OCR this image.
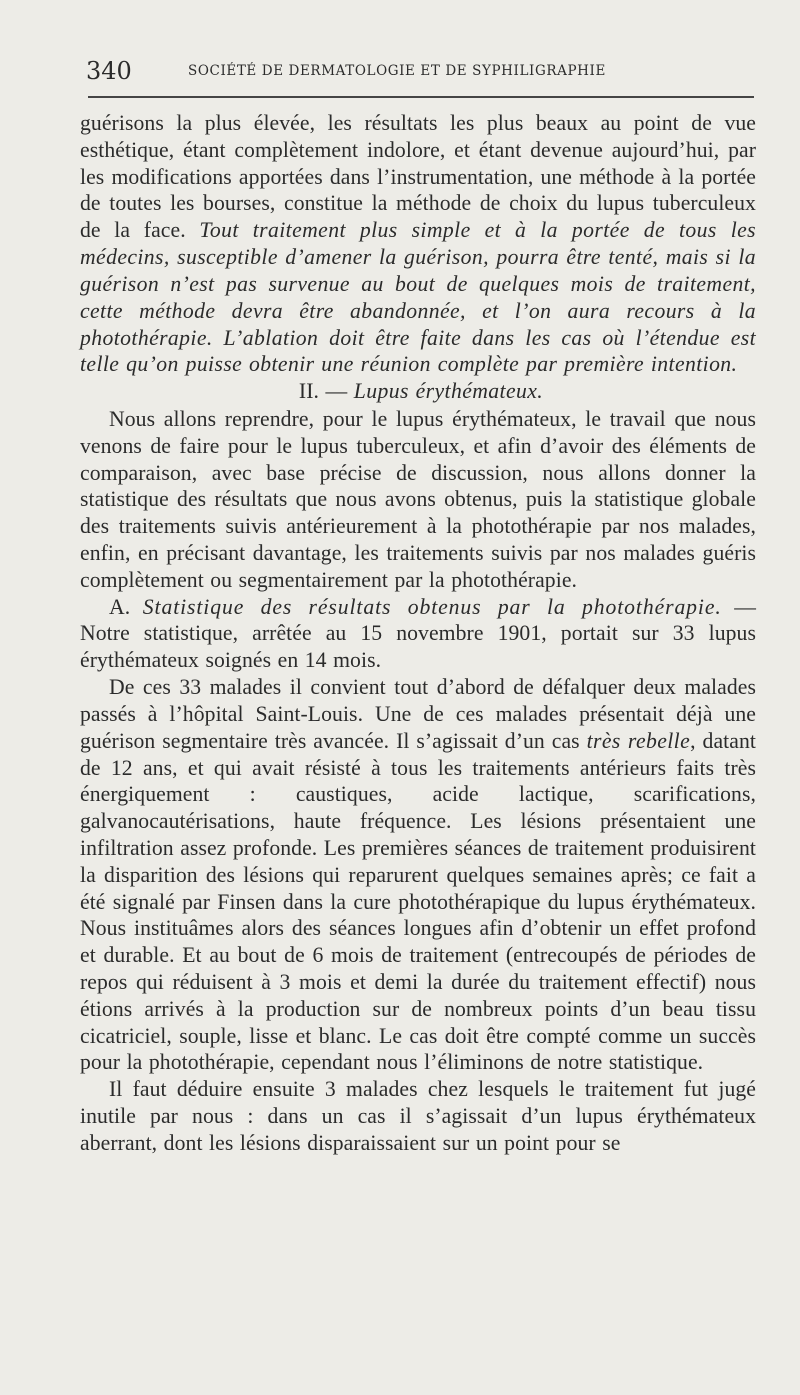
340	SOCIÉTÉ DE DERMATOLOGIE ET DE SYPHILIGRAPHIE

guérisons la plus élevée, les résultats les plus beaux au point de vue esthétique, étant complètement indolore, et étant devenue aujourd’hui, par les modifications apportées dans l’instrumentation, une méthode à la portée de toutes les bourses, constitue la méthode de choix du lupus tuberculeux de la face. Tout traitement plus simple et à la portée de tous les médecins, susceptible d’amener la guérison, pourra être tenté, mais si la guérison n’est pas survenue au bout de quelques mois de traitement, cette méthode devra être abandonnée, et l’on aura recours à la photothérapie. L’ablation doit être faite dans les cas où l’étendue est telle qu’on puisse obtenir une réunion complète par première intention.

II. — Lupus érythémateux.

Nous allons reprendre, pour le lupus érythémateux, le travail que nous venons de faire pour le lupus tuberculeux, et afin d’avoir des éléments de comparaison, avec base précise de discussion, nous allons donner la statistique des résultats que nous avons obtenus, puis la statistique globale des traitements suivis antérieurement à la photothérapie par nos malades, enfin, en précisant davantage, les traitements suivis par nos malades guéris complètement ou segmentairement par la photothérapie.

A. Statistique des résultats obtenus par la photothérapie. — Notre statistique, arrêtée au 15 novembre 1901, portait sur 33 lupus érythémateux soignés en 14 mois.

De ces 33 malades il convient tout d’abord de défalquer deux malades passés à l’hôpital Saint-Louis. Une de ces malades présentait déjà une guérison segmentaire très avancée. Il s’agissait d’un cas très rebelle, datant de 12 ans, et qui avait résisté à tous les traitements antérieurs faits très énergiquement : caustiques, acide lactique, scarifications, galvanocautérisations, haute fréquence. Les lésions présentaient une infiltration assez profonde. Les premières séances de traitement produisirent la disparition des lésions qui reparurent quelques semaines après; ce fait a été signalé par Finsen dans la cure photothérapique du lupus érythémateux. Nous instituâmes alors des séances longues afin d’obtenir un effet profond et durable. Et au bout de 6 mois de traitement (entrecoupés de périodes de repos qui réduisent à 3 mois et demi la durée du traitement effectif) nous étions arrivés à la production sur de nombreux points d’un beau tissu cicatriciel, souple, lisse et blanc. Le cas doit être compté comme un succès pour la photothérapie, cependant nous l’éliminons de notre statistique.

Il faut déduire ensuite 3 malades chez lesquels le traitement fut jugé inutile par nous : dans un cas il s’agissait d’un lupus érythémateux aberrant, dont les lésions disparaissaient sur un point pour se
